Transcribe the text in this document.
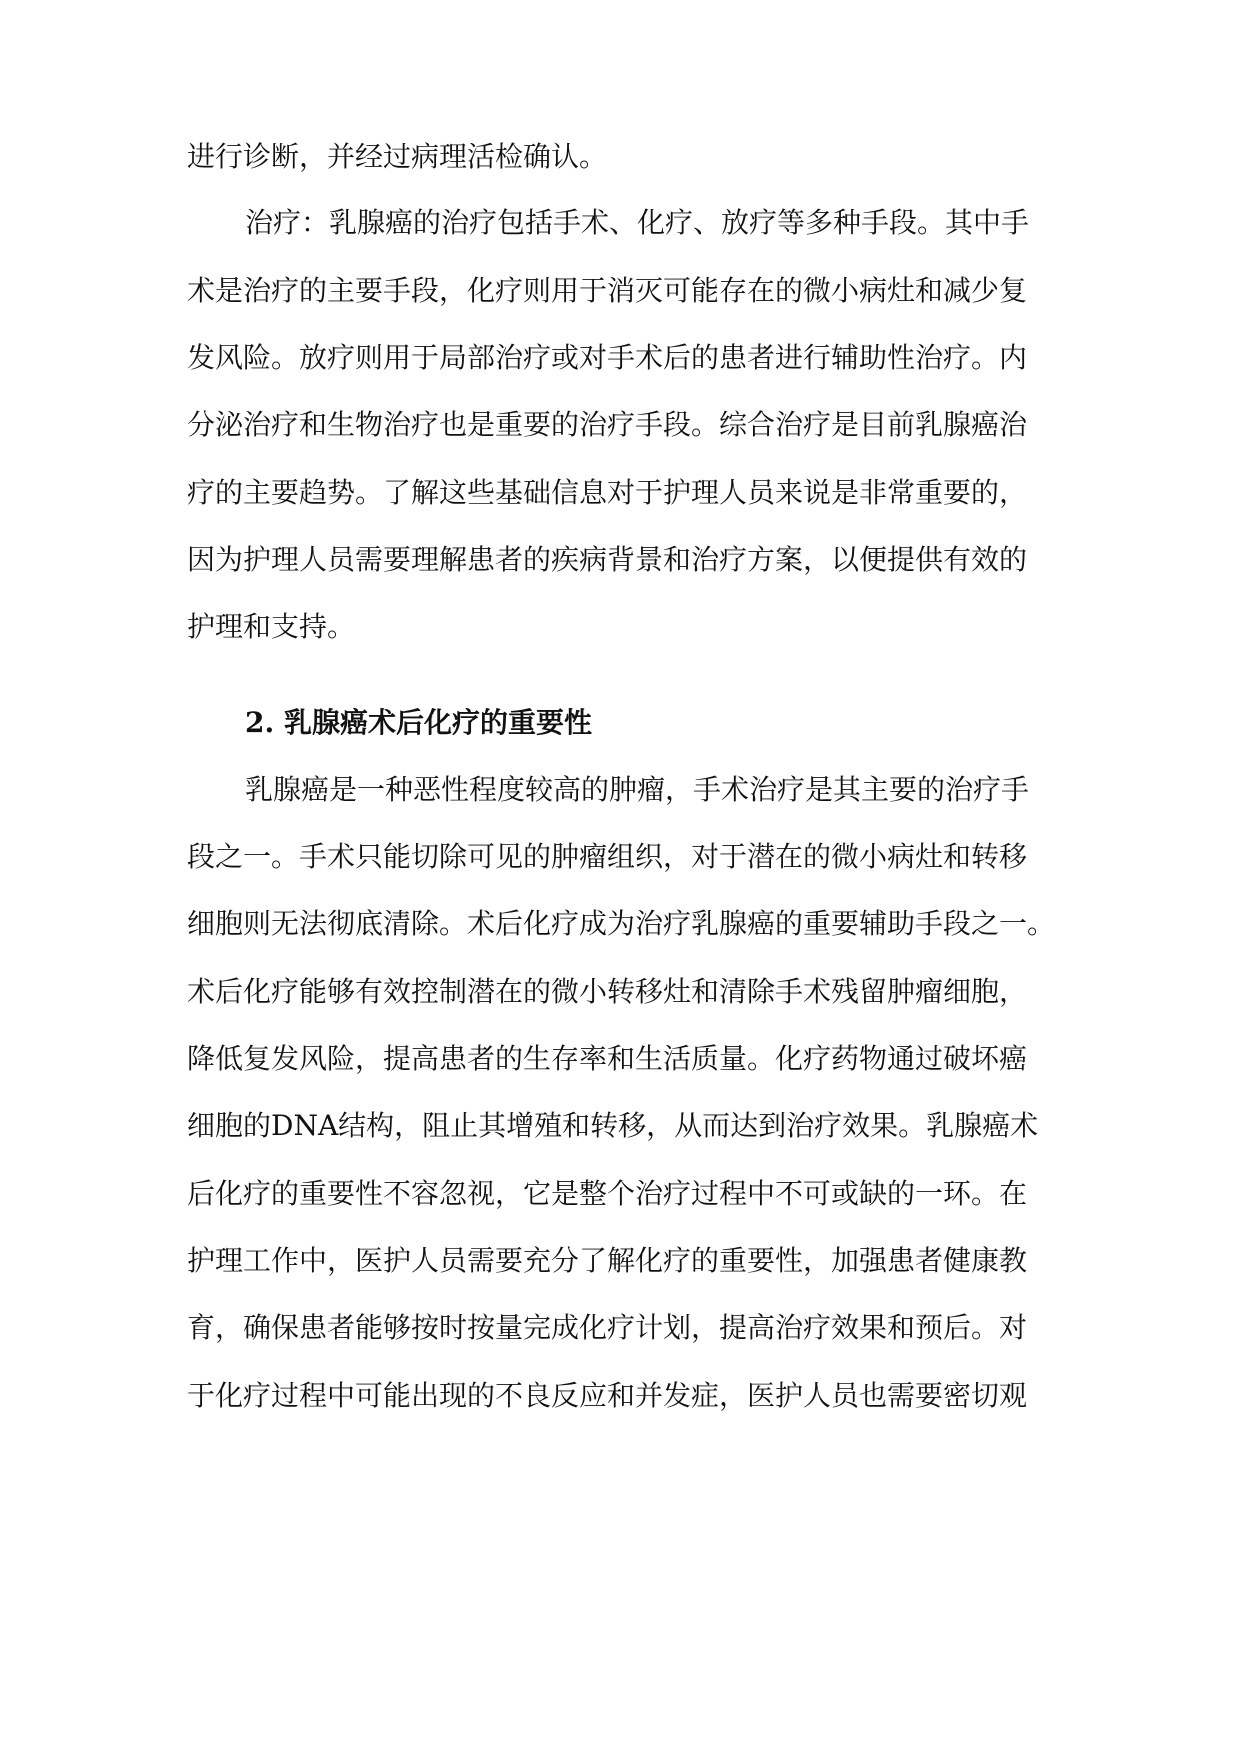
进行诊断，并经过病理活检确认。
治疗：乳腺癌的治疗包括手术、化疗、放疗等多种手段。其中手
术是治疗的主要手段，化疗则用于消灭可能存在的微小病灶和减少复
发风险。放疗则用于局部治疗或对手术后的患者进行辅助性治疗。内
分泌治疗和生物治疗也是重要的治疗手段。综合治疗是目前乳腺癌治
疗的主要趋势。了解这些基础信息对于护理人员来说是非常重要的，
因为护理人员需要理解患者的疾病背景和治疗方案，以便提供有效的
护理和支持。
2. 乳腺癌术后化疗的重要性
乳腺癌是一种恶性程度较高的肿瘤，手术治疗是其主要的治疗手
段之一。手术只能切除可见的肿瘤组织，对于潜在的微小病灶和转移
细胞则无法彻底清除。术后化疗成为治疗乳腺癌的重要辅助手段之一。
术后化疗能够有效控制潜在的微小转移灶和清除手术残留肿瘤细胞，
降低复发风险，提高患者的生存率和生活质量。化疗药物通过破坏癌
细胞的DNA结构，阻止其增殖和转移，从而达到治疗效果。乳腺癌术
后化疗的重要性不容忽视，它是整个治疗过程中不可或缺的一环。在
护理工作中，医护人员需要充分了解化疗的重要性，加强患者健康教
育，确保患者能够按时按量完成化疗计划，提高治疗效果和预后。对
于化疗过程中可能出现的不良反应和并发症，医护人员也需要密切观
